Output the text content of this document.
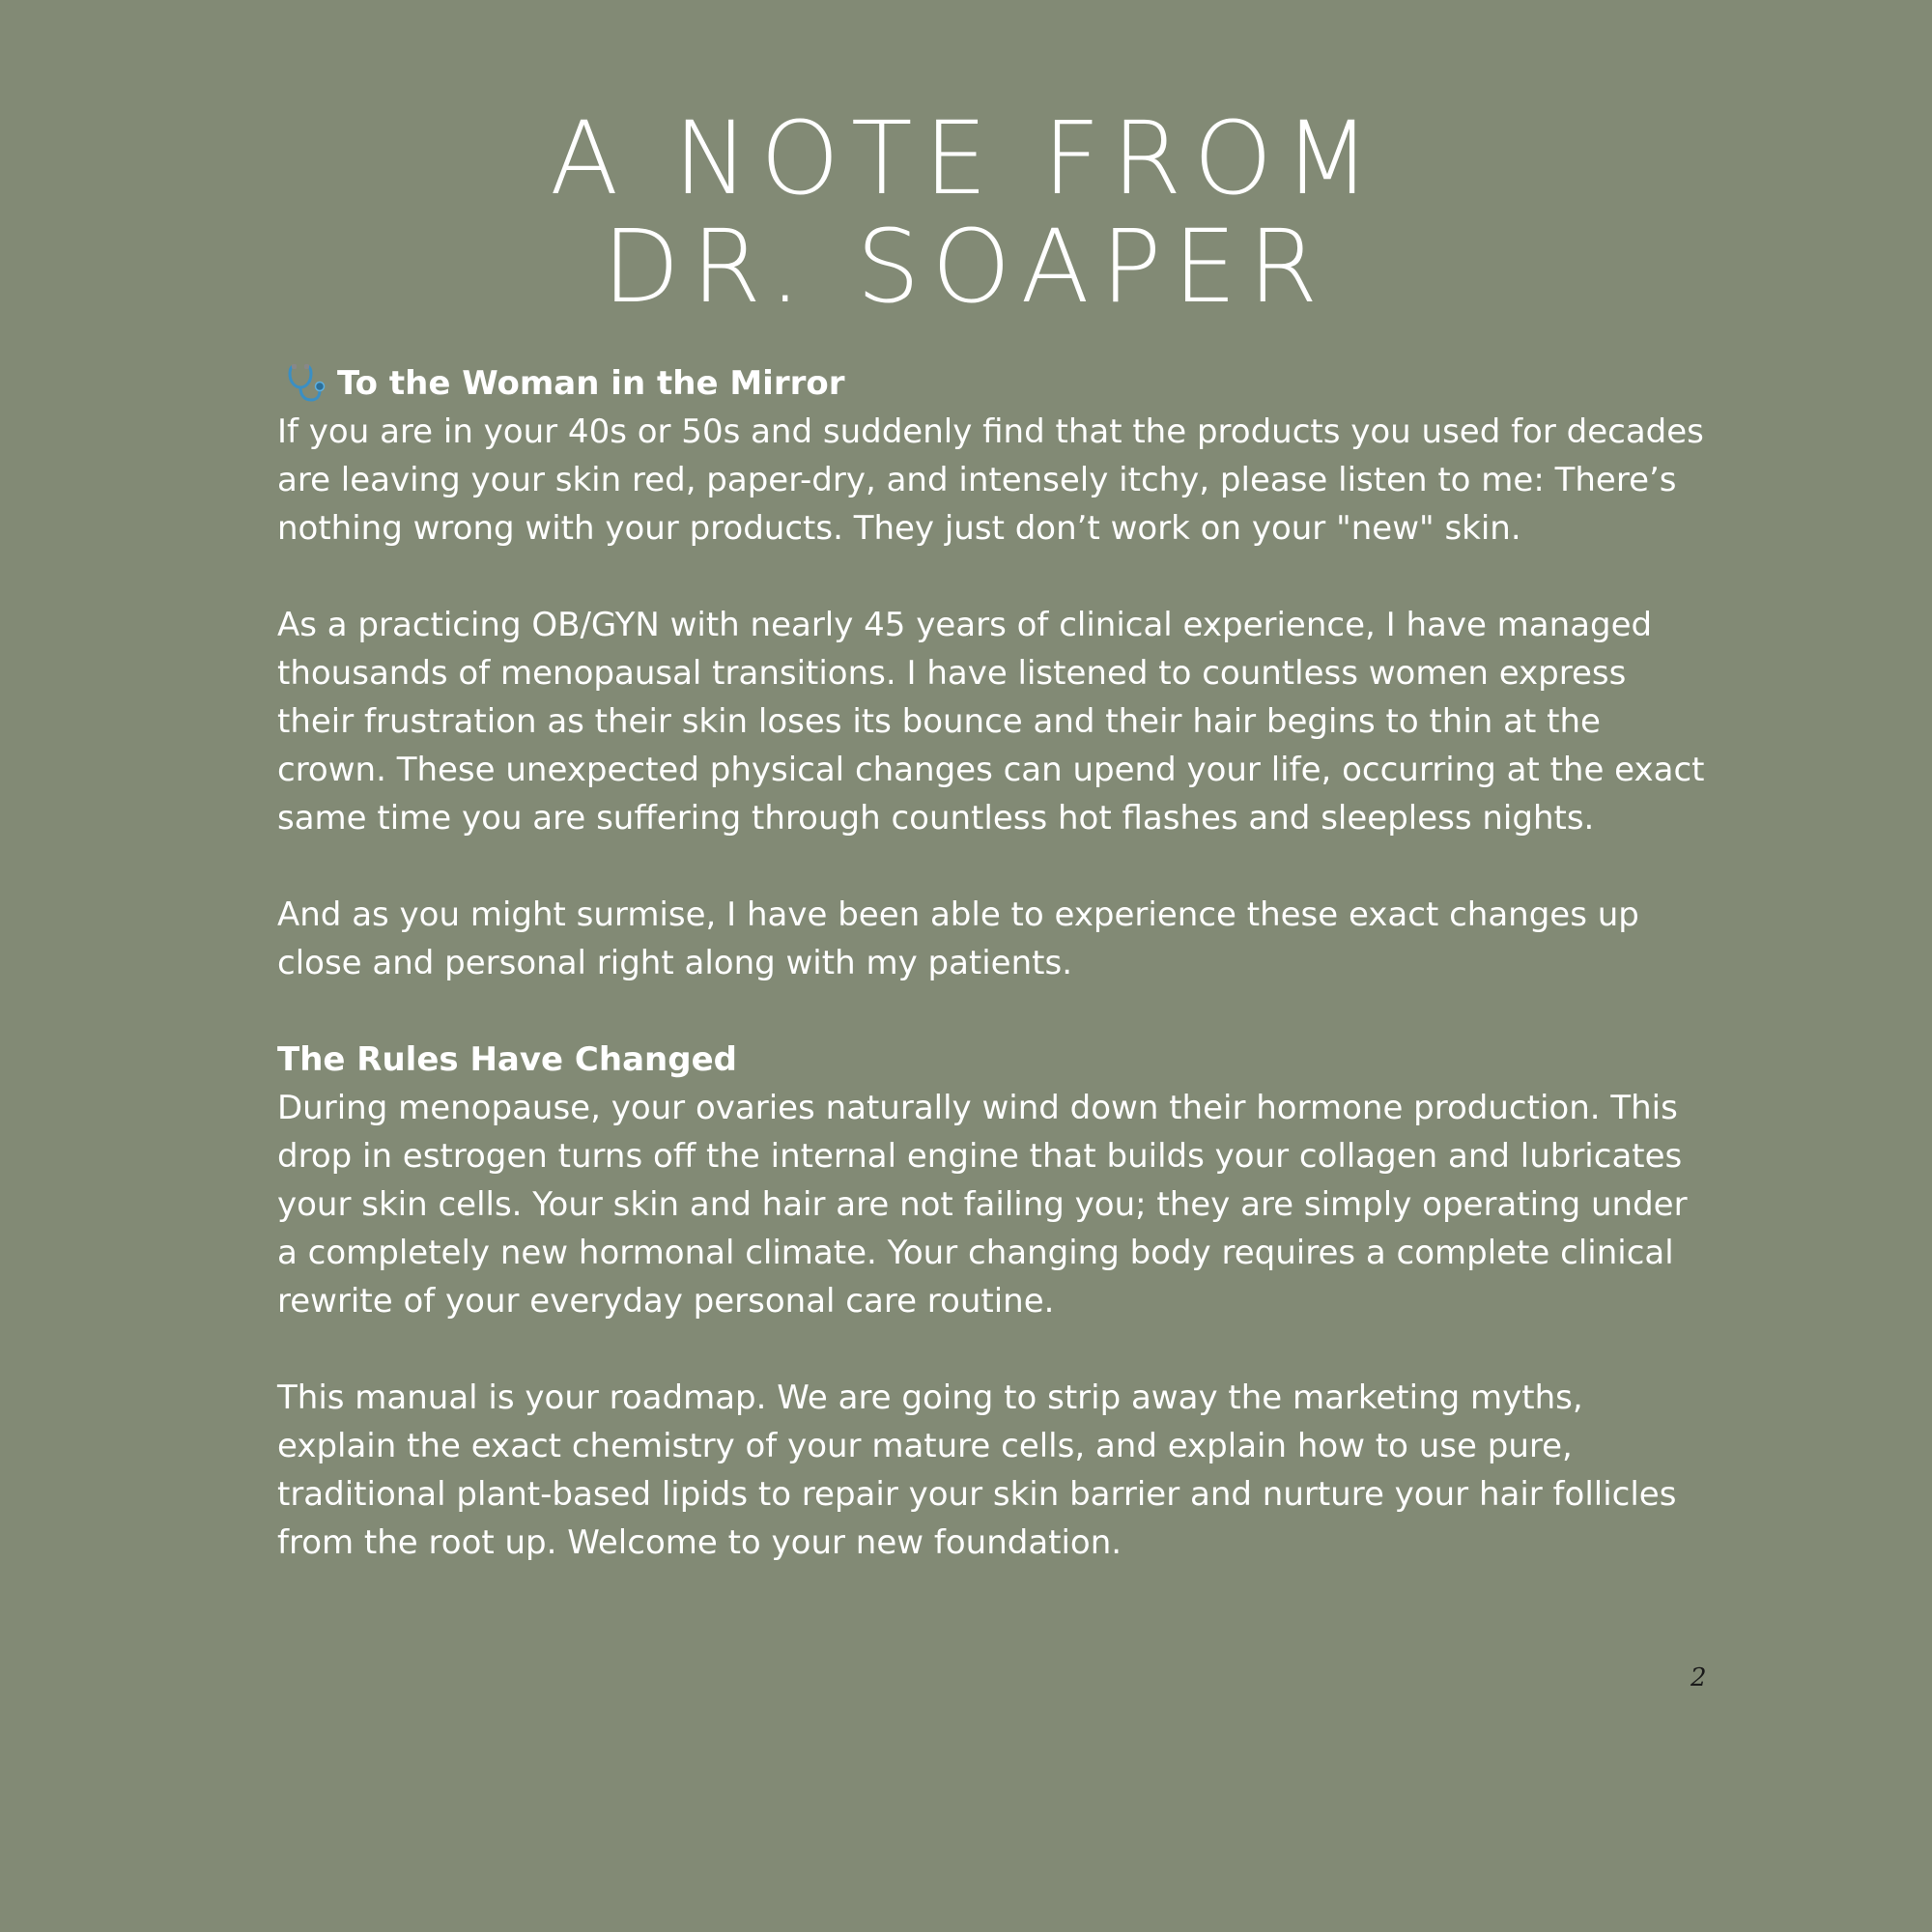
A NOTE FROM
DR. SOAPER

To the Woman in the Mirror

If you are in your 40s or 50s and suddenly find that the products you used for decades are leaving your skin red, paper-dry, and intensely itchy, please listen to me: There’s nothing wrong with your products. They just don’t work on your "new" skin.

As a practicing OB/GYN with nearly 45 years of clinical experience, I have managed thousands of menopausal transitions. I have listened to countless women express their frustration as their skin loses its bounce and their hair begins to thin at the crown. These unexpected physical changes can upend your life, occurring at the exact same time you are suffering through countless hot flashes and sleepless nights.

And as you might surmise, I have been able to experience these exact changes up close and personal right along with my patients.

The Rules Have Changed

During menopause, your ovaries naturally wind down their hormone production. This drop in estrogen turns off the internal engine that builds your collagen and lubricates your skin cells. Your skin and hair are not failing you; they are simply operating under a completely new hormonal climate. Your changing body requires a complete clinical rewrite of your everyday personal care routine.

This manual is your roadmap. We are going to strip away the marketing myths, explain the exact chemistry of your mature cells, and explain how to use pure, traditional plant-based lipids to repair your skin barrier and nurture your hair follicles from the root up. Welcome to your new foundation.

2
